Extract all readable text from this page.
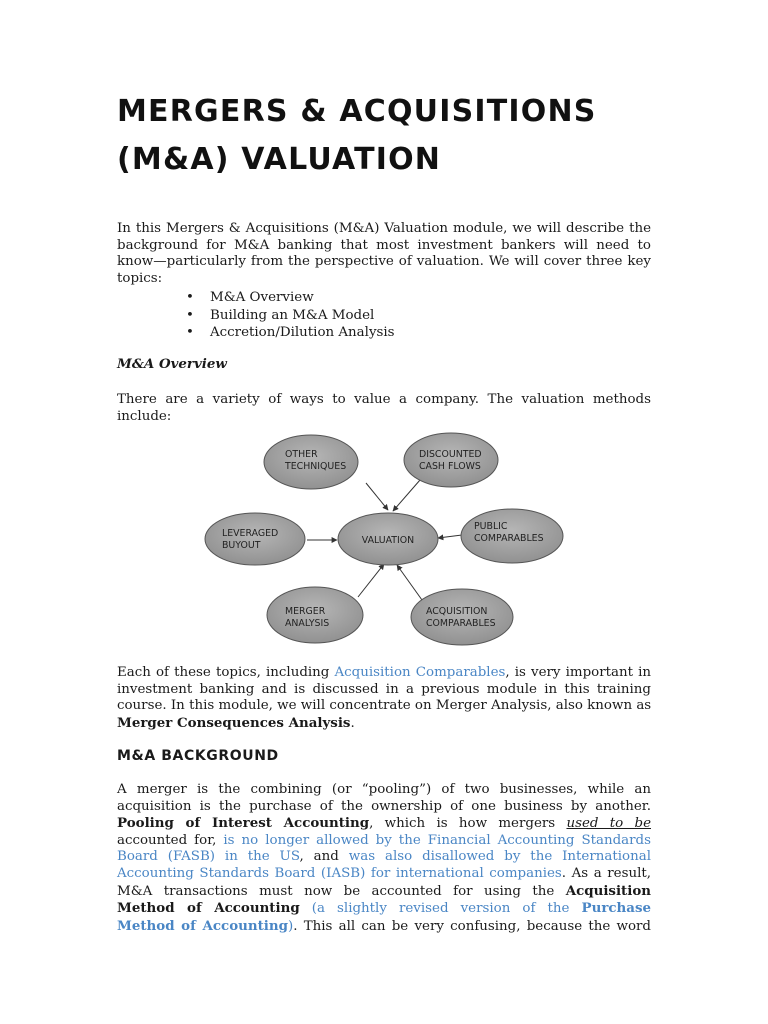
MERGERS & ACQUISITIONS
(M&A) VALUATION

In this Mergers & Acquisitions (M&A) Valuation module, we will describe the
background for M&A banking that most investment bankers will need to
know—particularly from the perspective of valuation. We will cover three key
topics:

• M&A Overview
• Building an M&A Model
• Accretion/Dilution Analysis

M&A Overview

There are a variety of ways to value a company. The valuation methods
include:

OTHER
TECHNIQUES
DISCOUNTED
CASH FLOWS
LEVERAGED
BUYOUT	VALUATION
PUBLIC
COMPARABLES
MERGER
ANALYSIS
ACQUISITION
COMPARABLES

Each of these topics, including Acquisition Comparables, is very important in
investment banking and is discussed in a previous module in this training
course. In this module, we will concentrate on Merger Analysis, also known as
Merger Consequences Analysis.

M&A BACKGROUND

A merger is the combining (or “pooling”) of two businesses, while an
acquisition is the purchase of the ownership of one business by another.
Pooling of Interest Accounting, which is how mergers used to be
accounted for, is no longer allowed by the Financial Accounting Standards
Board (FASB) in the US, and was also disallowed by the International
Accounting Standards Board (IASB) for international companies. As a result,
M&A transactions must now be accounted for using the Acquisition
Method of Accounting (a slightly revised version of the Purchase
Method of Accounting). This all can be very confusing, because the word
